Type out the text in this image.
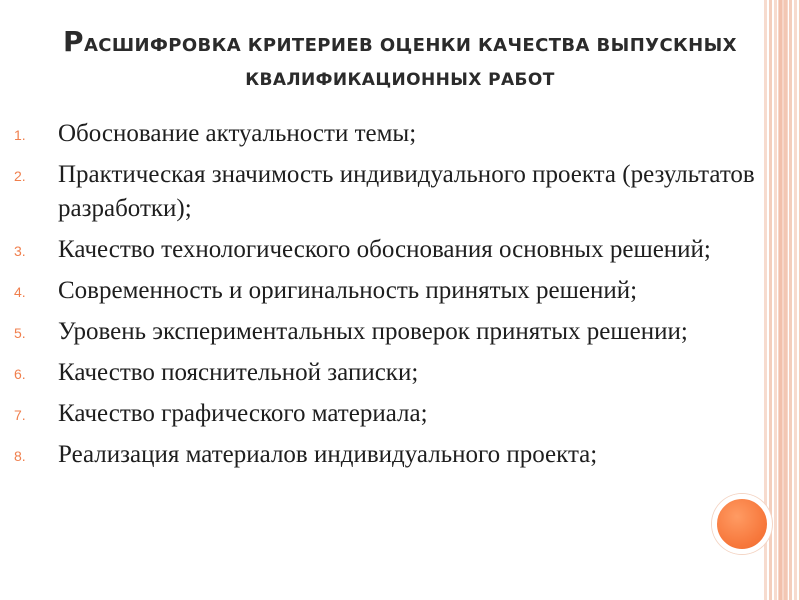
РАСШИФРОВКА КРИТЕРИЕВ ОЦЕНКИ КАЧЕСТВА ВЫПУСКНЫХ
КВАЛИФИКАЦИОННЫХ РАБОТ
1.	Обоснование актуальности темы;
2.	Практическая значимость индивидуального проекта (результатов разработки);
3.	Качество технологического обоснования основных решений;
4.	Современность и оригинальность принятых решений;
5.	Уровень экспериментальных проверок принятых решении;
6.	Качество пояснительной записки;
7.	Качество графического материала;
8.	Реализация материалов индивидуального проекта;
